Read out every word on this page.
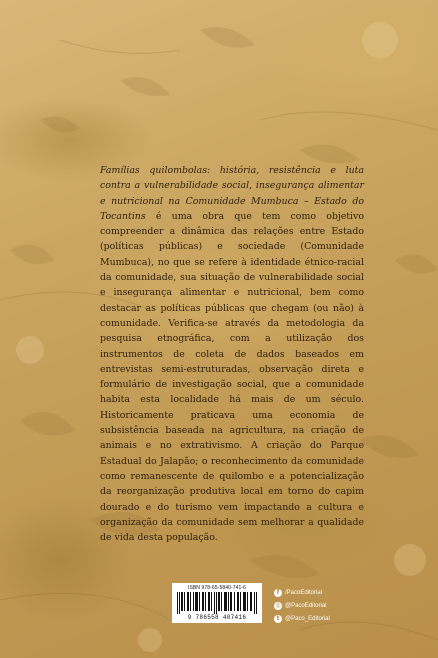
Famílias quilombolas: história, resistência e luta contra a vulnerabilidade social, insegurança alimentar e nutricional na Comunidade Mumbuca – Estado do Tocantins é uma obra que tem como objetivo compreender a dinâmica das relações entre Estado (políticas públicas) e sociedade (Comunidade Mumbuca), no que se refere à identidade étnico-racial da comunidade, sua situação de vulnerabilidade social e insegurança alimentar e nutricional, bem como destacar as políticas públicas que chegam (ou não) à comunidade. Verifica-se através da metodologia da pesquisa etnográfica, com a utilização dos instrumentos de coleta de dados baseados em entrevistas semi-estruturadas, observação direta e formulário de investigação social, que a comunidade habita esta localidade há mais de um século. Historicamente praticava uma economia de subsistência baseada na agricultura, na criação de animais e no extrativismo. A criação do Parque Estadual do Jalapão; o reconhecimento da comunidade como remanescente de quilombo e a potencialização da reorganização produtiva local em torno do capim dourado e do turismo vem impactando a cultura e organização da comunidade sem melhorar a qualidade de vida desta população.
ISBN 978-65-5840-741-6
9 786558 407416
f /PacoEditorial
◎ @PacoEditorial
t @Paco_Editorial
